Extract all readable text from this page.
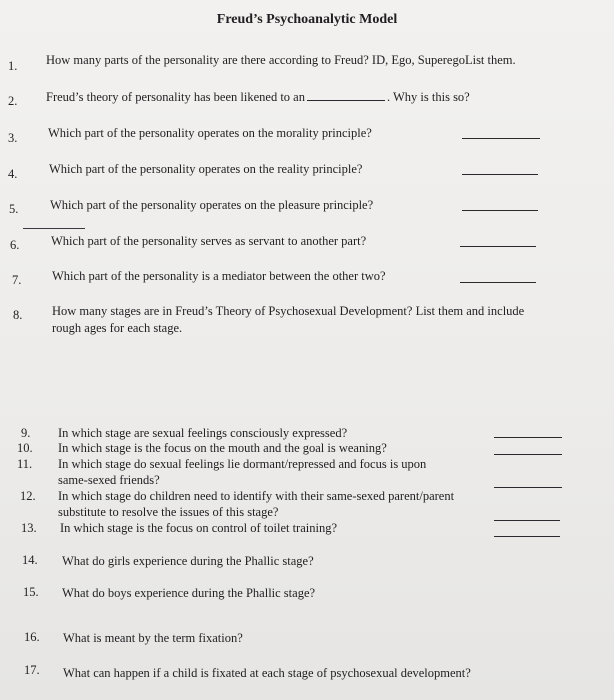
Freud’s Psychoanalytic Model
1. How many parts of the personality are there according to Freud? ID, Ego, SuperegoList them.
2. Freud’s theory of personality has been likened to an	. Why is this so?
3. Which part of the personality operates on the morality principle?
4.	Which part of the personality operates on the reality principle?
5.	Which part of the personality operates on the pleasure principle?
6.	Which part of the personality serves as servant to another part?
7. Which part of the personality is a mediator between the other two?
8. How many stages are in Freud’s Theory of Psychosexual Development? List them and include
rough ages for each stage.
9. In which stage are sexual feelings consciously expressed?
10. In which stage is the focus on the mouth and the goal is weaning?
11. In which stage do sexual feelings lie dormant/repressed and focus is upon
same-sexed friends?
12. In which stage do children need to identify with their same-sexed parent/parent
substitute to resolve the issues of this stage?
13. In which stage is the focus on control of toilet training?
14. What do girls experience during the Phallic stage?
15. What do boys experience during the Phallic stage?
16. What is meant by the term fixation?
17. What can happen if a child is fixated at each stage of psychosexual development?
